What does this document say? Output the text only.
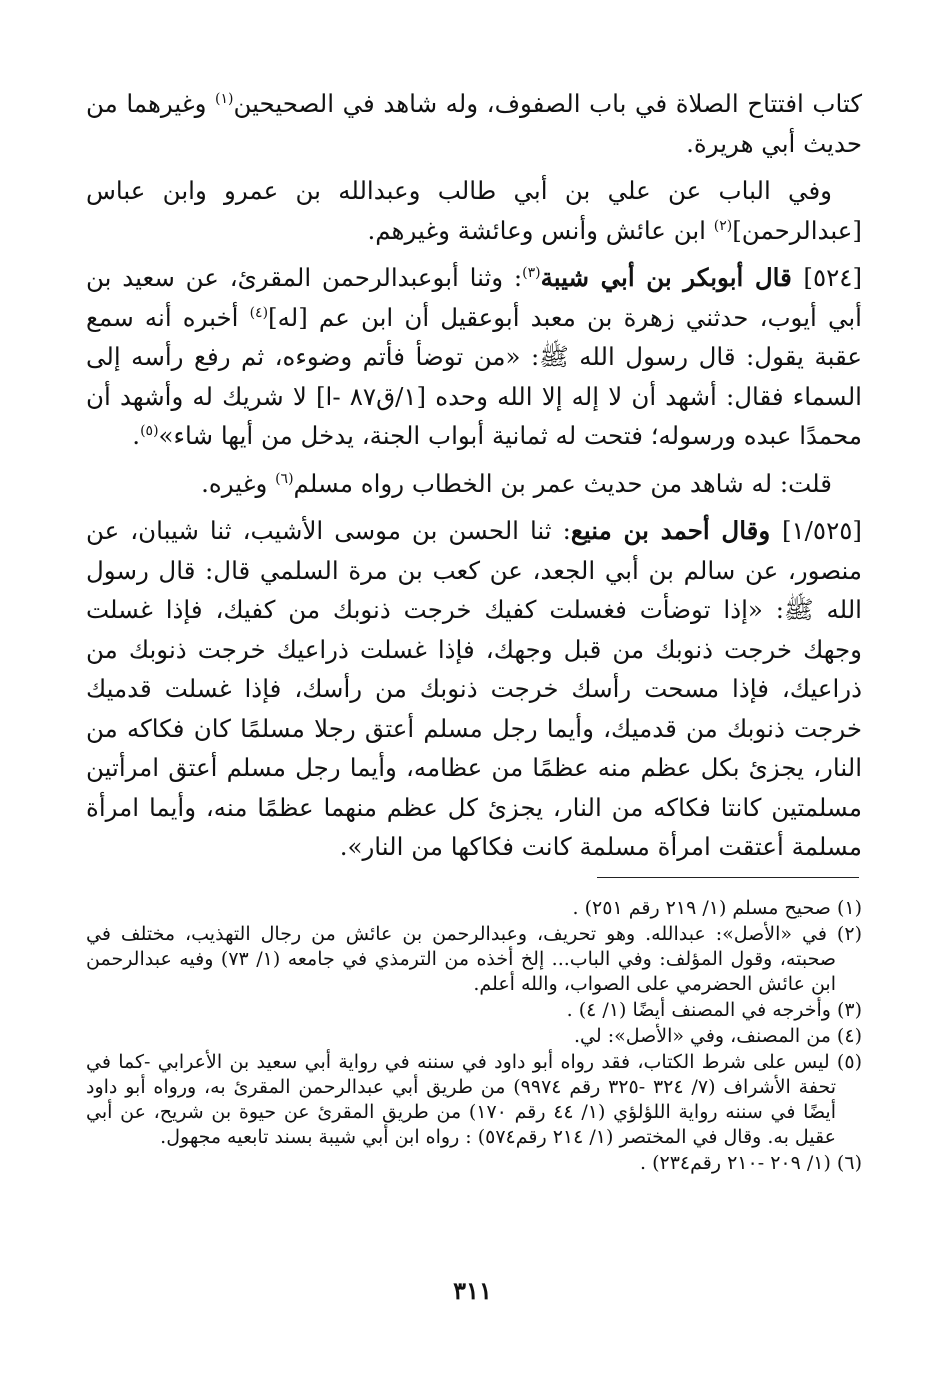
كتاب افتتاح الصلاة في باب الصفوف، وله شاهد في الصحيحين$^{(١)}$ وغيرهما من حديث أبي هريرة.

وفي الباب عن علي بن أبي طالب وعبدالله بن عمرو وابن عباس [عبدالرحمن]$^{(٢)}$ ابن عائش وأنس وعائشة وغيرهم.

[٥٢٤] قال أبوبكر بن أبي شيبة$^{(٣)}$: وثنا أبوعبدالرحمن المقرئ، عن سعيد بن أبي أيوب، حدثني زهرة بن معبد أبوعقيل أن ابن عم [له]$^{(٤)}$ أخبره أنه سمع عقبة يقول: قال رسول الله ﷺ: «من توضأ فأتم وضوءه، ثم رفع رأسه إلى السماء فقال: أشهد أن لا إله إلا الله وحده [١/ق٨٧ -ا] لا شريك له وأشهد أن محمدًا عبده ورسوله؛ فتحت له ثمانية أبواب الجنة، يدخل من أيها شاء»$^{(٥)}$.

قلت: له شاهد من حديث عمر بن الخطاب رواه مسلم$^{(٦)}$ وغيره.

[١/٥٢٥] وقال أحمد بن منيع: ثنا الحسن بن موسى الأشيب، ثنا شيبان، عن منصور، عن سالم بن أبي الجعد، عن كعب بن مرة السلمي قال: قال رسول الله ﷺ: «إذا توضأت فغسلت كفيك خرجت ذنوبك من كفيك، فإذا غسلت وجهك خرجت ذنوبك من قبل وجهك، فإذا غسلت ذراعيك خرجت ذنوبك من ذراعيك، فإذا مسحت رأسك خرجت ذنوبك من رأسك، فإذا غسلت قدميك خرجت ذنوبك من قدميك، وأيما رجل مسلم أعتق رجلا مسلمًا كان فكاكه من النار، يجزئ بكل عظم منه عظمًا من عظامه، وأيما رجل مسلم أعتق امرأتين مسلمتين كانتا فكاكه من النار، يجزئ كل عظم منهما عظمًا منه، وأيما امرأة مسلمة أعتقت امرأة مسلمة كانت فكاكها من النار».

(١) صحيح مسلم (١/ ٢١٩ رقم ٢٥١) .

(٢) في «الأصل»: عبدالله. وهو تحريف، وعبدالرحمن بن عائش من رجال التهذيب، مختلف في صحبته، وقول المؤلف: وفي الباب... إلخ أخذه من الترمذي في جامعه (١/ ٧٣) وفيه عبدالرحمن ابن عائش الحضرمي على الصواب، والله أعلم.

(٣) وأخرجه في المصنف أيضًا (١/ ٤) .

(٤) من المصنف، وفي «الأصل»: لي.

(٥) ليس على شرط الكتاب، فقد رواه أبو داود في سننه في رواية أبي سعيد بن الأعرابي -كما في تحفة الأشراف (٧/ ٣٢٤ -٣٢٥ رقم ٩٩٧٤) من طريق أبي عبدالرحمن المقرئ به، ورواه أبو داود أيضًا في سننه رواية اللؤلؤي (١/ ٤٤ رقم ١٧٠) من طريق المقرئ عن حيوة بن شريح، عن أبي عقيل به. وقال في المختصر (١/ ٢١٤ رقم٥٧٤) : رواه ابن أبي شيبة بسند تابعيه مجهول.

(٦) (١/ ٢٠٩ -٢١٠ رقم٢٣٤) .

٣١١
